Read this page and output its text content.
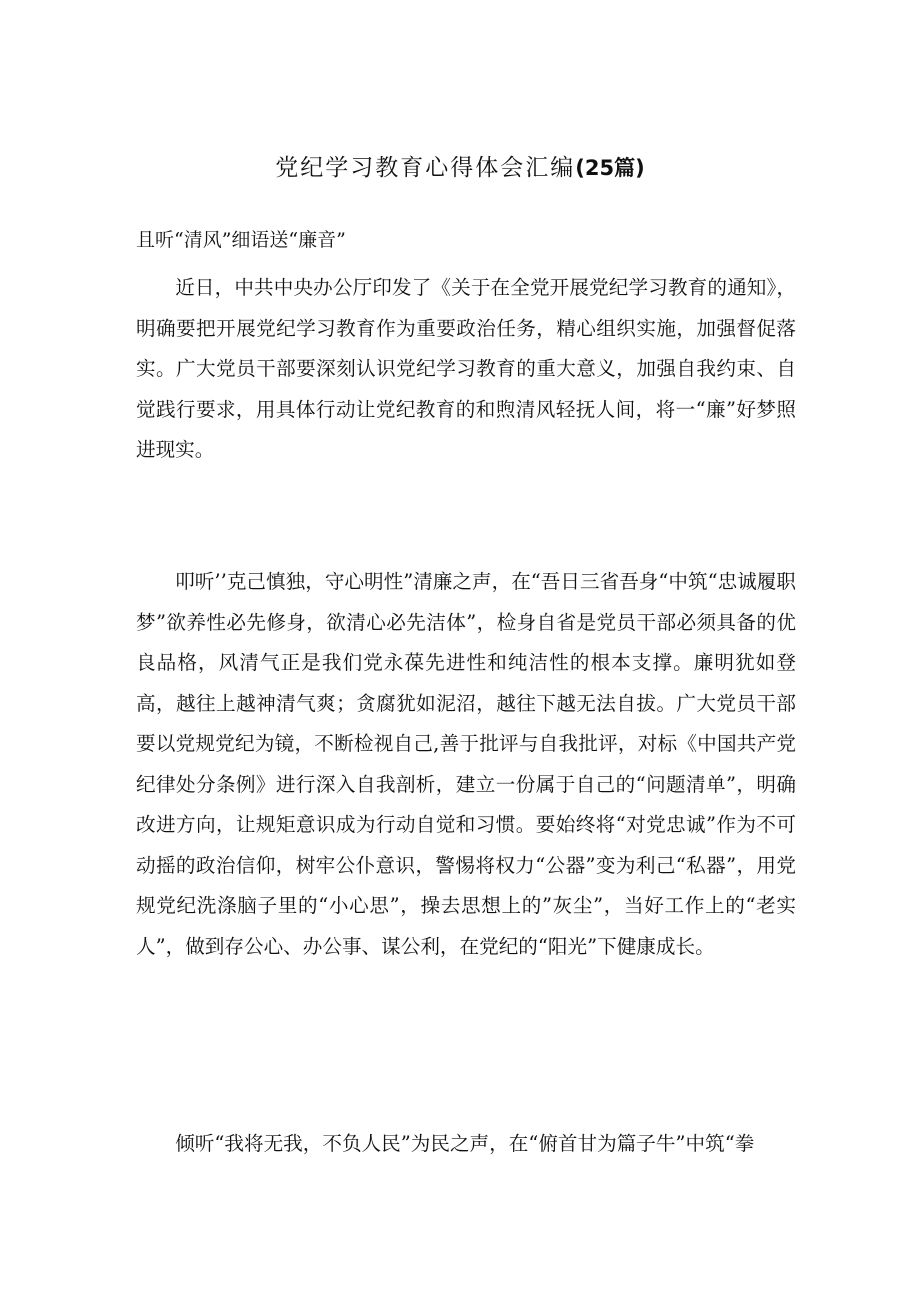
党纪学习教育心得体会汇编(25篇)
且听“清风”细语送“廉音”

近日，中共中央办公厅印发了《关于在全党开展党纪学习教育的通知》，明确要把开展党纪学习教育作为重要政治任务，精心组织实施，加强督促落实。广大党员干部要深刻认识党纪学习教育的重大意义，加强自我约束、自觉践行要求，用具体行动让党纪教育的和煦清风轻抚人间，将一“廉”好梦照进现实。

叩听’’克己慎独，守心明性”清廉之声，在“吾日三省吾身“中筑“忠诚履职梦”欲养性必先修身，欲清心必先洁体”，检身自省是党员干部必须具备的优良品格，风清气正是我们党永葆先进性和纯洁性的根本支撑。廉明犹如登高，越往上越神清气爽；贪腐犹如泥沼，越往下越无法自拔。广大党员干部要以党规党纪为镜，不断检视自己,善于批评与自我批评，对标《中国共产党纪律处分条例》进行深入自我剖析，建立一份属于自己的“问题清单”，明确改进方向，让规矩意识成为行动自觉和习惯。要始终将“对党忠诚”作为不可动摇的政治信仰，树牢公仆意识，警惕将权力“公器”变为利己“私器”，用党规党纪洗涤脑子里的“小心思”，操去思想上的”灰尘”，当好工作上的“老实人”，做到存公心、办公事、谋公利，在党纪的“阳光”下健康成长。

倾听“我将无我，不负人民”为民之声，在“俯首甘为篇子牛”中筑“拳
